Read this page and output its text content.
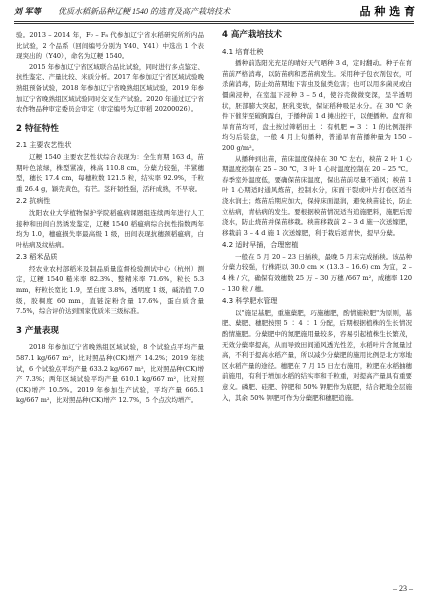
刘 军等 优质水稻新品种辽粳 1540 的选育及高产栽培技术	品 种 选 育

验。2013 – 2014 年，F₇ – F₈ 代参加辽宁省水稻研究所所内品比试验，2 个品系（回间编号分别为 Y40、Y41）中选出 1 个表现突出的（Y40），命名为辽粳 1540。

2015 年参加辽宁省区域联合品比试验，同时进行多点鉴定、抗性鉴定、产量比较、米质分析。2017 年参加辽宁省区域试验晚熟组预备试验，2018 年参加辽宁省晚熟组区域试验，2019 年参加辽宁省晚熟组区域试验同时交叉生产试验。2020 年通过辽宁省农作物品种审定委员会审定（审定编号为辽审稻 20200026）。

2 特征特性
2.1 主要农艺性状

辽粳 1540 主要农艺性状综合表现为：全生育期 163 d，苗期叶色浓绿，株型紧凑，株高 110.8 cm，分蘖力较强，半紧穗型，穗长 17.4 cm，每穗粒数 121.5 粒，结实率 92.9%，千粒重 26.4 g，颖壳黄色，有芒。茎秆韧性强，活秆成熟，不早衰。

2.2 抗病性

沈阳农业大学植物保护学院稻瘟病课题组连续两年进行人工接种和田间自然诱发鉴定，辽粳 1540 稻瘟病综合抗性指数两年均为 1.0，穗瘟损失率最高级 1 级，田间表现抗穗颈稻瘟病，白叶枯病及纹枯病。

2.3 稻米品质

经农业农村部稻米及制品质量监督检验测试中心（杭州）测定，辽粳 1540 糙米率 82.3%、整精米率 71.6%，粒长 5.3 mm，籽粒长宽比 1.9，垩白度 3.8%，透明度 1 级，碱消值 7.0 级，胶稠度 60 mm，直链淀粉含量 17.6%，蛋白质含量 7.5%，综合评价达到国家优质米三级标准。

3 产量表现

2018 年参加辽宁省晚熟组区域试验，8 个试验点平均产量 587.1 kg/667 m²，比对照品种(CK)增产 14.2%；2019 年续试，6 个试验点平均产量 633.2 kg/667 m²，比对照品种(CK)增产 7.3%；两年区域试验平均产量 610.1 kg/667 m²，比对照(CK)增产 10.5%。2019 年参加生产试验，平均产量 665.1 kg/667 m²，比对照品种(CK)增产 12.7%，5 个点次均增产。

4 高产栽培技术
4.1 培育壮秧

播种前选阳光充足的晴好天气晒种 3 d，定时翻动。种子在育苗前严格消毒，以防苗病和恶苗病发生。采用种子包衣剂包衣，可杀菌消毒，防止幼苗期地下害虫及鼠类危害；也可以用多菌灵或白僵菌浸种，在室温下浸种 3 – 5 d，使谷壳微微变深，呈半透明状，胚部膨大突起，胚乳变软，保证稻种吸足水分。在 30 ℃ 条件下催芽至破胸露白，于播种前 1 d 摊出控干，以便播种。盘育和旱育苗均可，盘土按过筛稻田土 ∶ 有机肥 = 3 ∶ 1 的比例混拌均匀后装盘，一般 4 月上旬播种，普通旱育苗播种量为 150 – 200 g/m²。

从播种到出苗，苗床温度保持在 30 ℃ 左右，秧苗 2 叶 1 心期温度控制在 25 – 30 ℃，3 叶 1 心时温度控制在 20 – 25 ℃。春季室外温度低，要确保苗床温度，保出苗前尽量不通风；秧苗 1 叶 1 心期适时通风炼苗，控制水分，床面干裂或叶片打卷区适当浇水润土；炼苗后期应加大，保持床面湿润，避免秧苗徒长，防止立枯病，青枯病的发生。要根据秧苗情况适当追施肥料，施肥后需浇水，防止烧苗并保苗移栽。秧苗移栽前 2 – 3 d 施一次送嫁肥，移栽前 3 – 4 d 施 1 次送嫁肥，利于栽后返青快，提早分蘖。

4.2 适时早插，合理密植

一般在 5 月 20 – 23 日插秧，最晚 5 月末完成插秧。该品种分蘖力较强，行株距以 30.0 cm × (13.3 – 16.6) cm 为宜，2 – 4 株 / 穴，确保有效穗数 25 万 – 30 万穗 /667 m²，成穗率 120 – 130 粒 / 穗。

4.3 科学肥水管理

以"施足基肥，重施蘖肥，巧施穗肥，酌情施粒肥"为原则，基肥、蘖肥、穗肥按照 5 ∶ 4 ∶ 1 分配，后期根据植株的生长情况酌情施肥。分蘖肥中的氮肥施用量较多，容易引起植株生长繁茂，无效分蘖率提高，从而导致田间通风透光性差，水稻叶片含氮量过高，不利于提高水稻产量，所以减少分蘖肥的施用比例是北方寒地区水稻产量的途径。穗肥在 7 月 15 日左右施用，粒肥在水稻抽穗前施用，有利于增加水稻的结实率和千粒重，对提高产量具有重要意义。磷肥、硅肥、锌肥和 50% 钾肥作为底肥，结合耙地全层施入，其余 50% 钾肥可作为分蘖肥和穗肥追施。

– 23 –
